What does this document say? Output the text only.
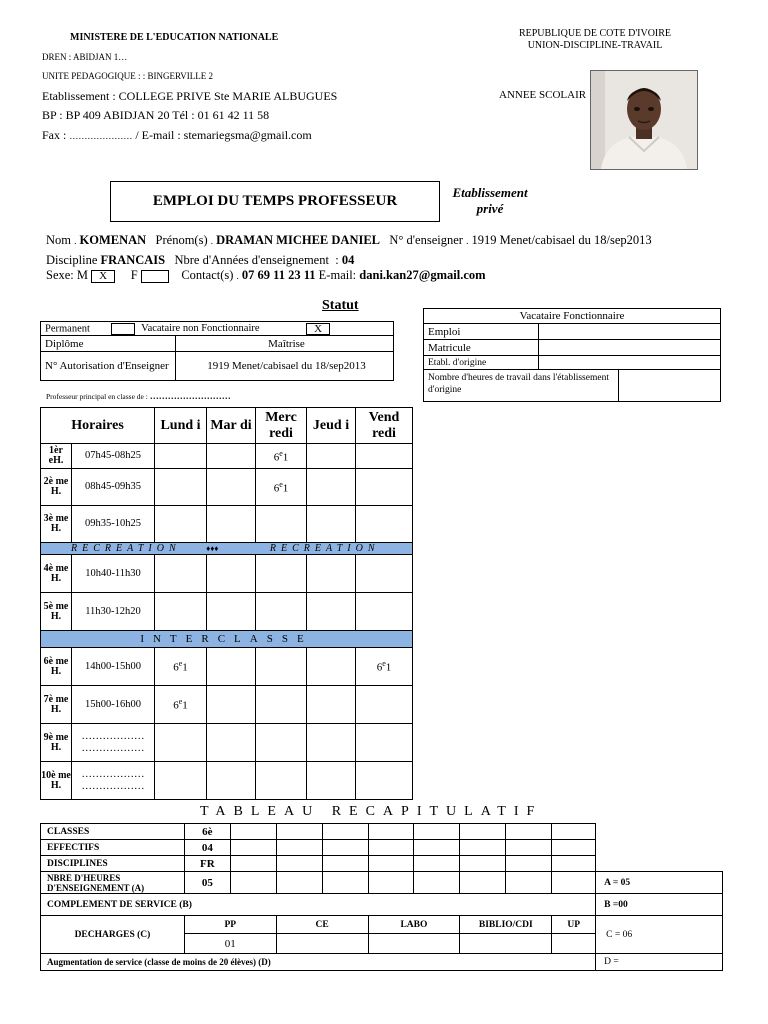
MINISTERE DE L'EDUCATION NATIONALE
DREN : ABIDJAN 1…
UNITE PEDAGOGIQUE : : BINGERVILLE 2
Etablissement : COLLEGE PRIVE Ste MARIE ALBUGUES
BP : BP 409 ABIDJAN 20 Tél : 01 61 42 11 58
Fax : ………………… / E-mail : stemariegsma@gmail.com
REPUBLIQUE DE COTE D'IVOIRE
UNION-DISCIPLINE-TRAVAIL
ANNEE SCOLAIR
EMPLOI DU TEMPS PROFESSEUR
Etablissement
privé
Nom . KOMENAN Prénom(s) . DRAMAN MICHEE DANIEL N° d'enseigner . 1919 Menet/cabisael du 18/sep2013
Discipline FRANCAIS Nbre d'Années d'enseignement : 04
Sexe: M X F	Contact(s) . 07 69 11 23 11 E-mail: dani.kan27@gmail.com
Statut
Permanent Vacataire non Fonctionnaire X	
Diplôme	Maîtrise
N° Autorisation d'Enseigner	1919 Menet/cabisael du 18/sep2013
Professeur principal en classe de : ………………………
Vacataire Fonctionnaire	
Emploi	
Matricule	
Etabl. d'origine	

Nombre d'heures de travail dans l'établissement d'origine	
Horaires		Lund i	Mar di	Merc redi	Jeud i	Vend redi
1èr eH.	07h45-08h25			6e1		
2è me H.	08h45-09h35			6e1		
3è me H.	09h35-10h25					
RECREATION ♦♦♦ RECREATION						
4è me H.	10h40-11h30					
5è me H.	11h30-12h20					
INTERCLASSE						
6è me H.	14h00-15h00	6e1				6e1
7è me H.	15h00-16h00	6e1				
9è me H.	……………… ………………					
10è me H.	……………… ………………					
TABLEAU RECAPITULATIF
CLASSES	6è									
EFFECTIFS	04									
DISCIPLINES	FR									
NBRE D'HEURES D'ENSEIGNEMENT (A)	05									A = 05
COMPLEMENT DE SERVICE (B)										B =00
DECHARGES (C)	PP		CE		LABO		BIBLIO/CDI		UP	C = 06
	01									
Augmentation de service (classe de moins de 20 élèves) (D)										D =
